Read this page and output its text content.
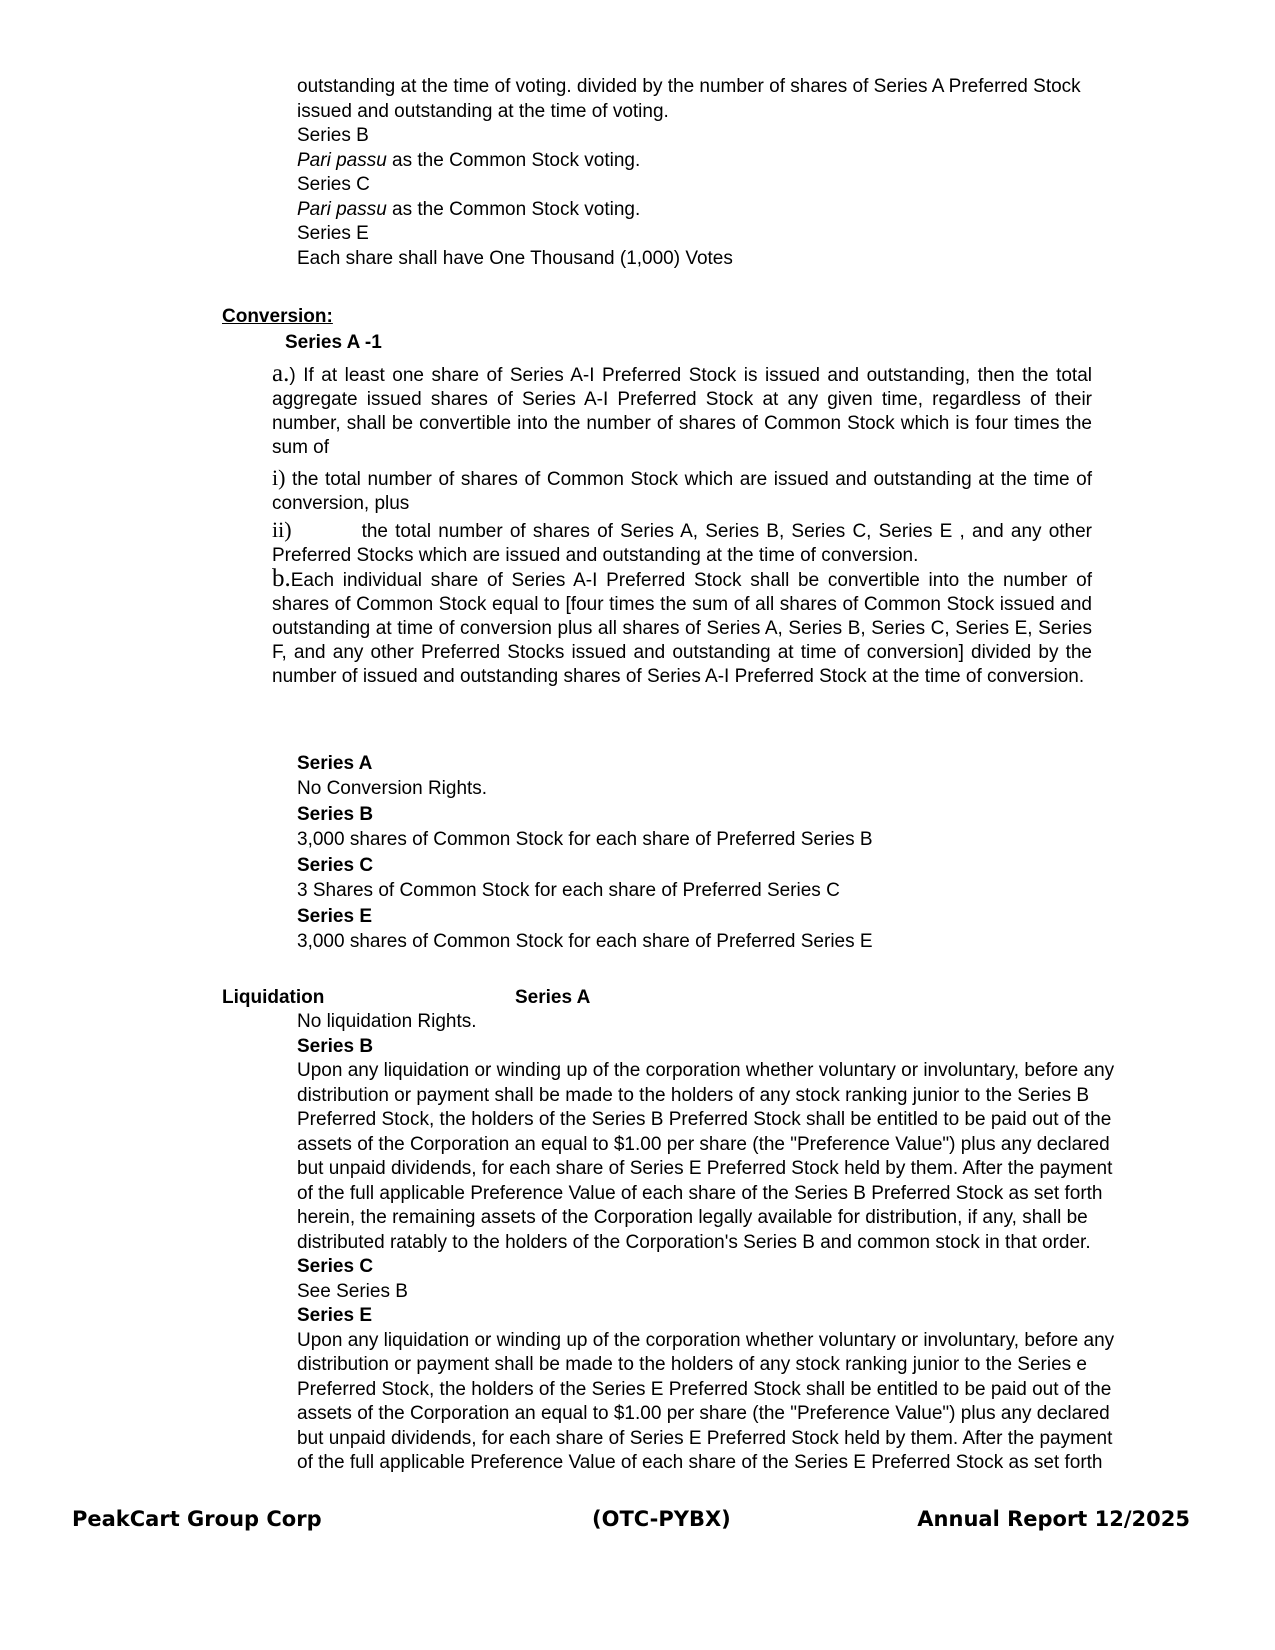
outstanding at the time of voting. divided by the number of shares of Series A Preferred Stock

issued and outstanding at the time of voting.

Series B

Pari passu as the Common Stock voting.

Series C

Pari passu as the Common Stock voting.

Series E

Each share shall have One Thousand (1,000) Votes

Conversion:
Series A -1

a.) If at least one share of Series A-I Preferred Stock is issued and outstanding, then the total aggregate issued shares of Series A-I Preferred Stock at any given time, regardless of their number, shall be convertible into the number of shares of Common Stock which is four times the sum of

i) the total number of shares of Common Stock which are issued and outstanding at the time of conversion, plus

ii)	the total number of shares of Series A, Series B, Series C, Series E , and any other Preferred Stocks which are issued and outstanding at the time of conversion.

b.Each individual share of Series A-I Preferred Stock shall be convertible into the number of shares of Common Stock equal to [four times the sum of all shares of Common Stock issued and outstanding at time of conversion plus all shares of Series A, Series B, Series C, Series E, Series F, and any other Preferred Stocks issued and outstanding at time of conversion] divided by the number of issued and outstanding shares of Series A-I Preferred Stock at the time of conversion.

Series A

No Conversion Rights.

Series B

3,000 shares of Common Stock for each share of Preferred Series B

Series C

3 Shares of Common Stock for each share of Preferred Series C

Series E

3,000 shares of Common Stock for each share of Preferred Series E

Liquidation	Series A

No liquidation Rights.

Series B

Upon any liquidation or winding up of the corporation whether voluntary or involuntary, before any

distribution or payment shall be made to the holders of any stock ranking junior to the Series B

Preferred Stock, the holders of the Series B Preferred Stock shall be entitled to be paid out of the

assets of the Corporation an equal to $1.00 per share (the "Preference Value") plus any declared

but unpaid dividends, for each share of Series E Preferred Stock held by them. After the payment

of the full applicable Preference Value of each share of the Series B Preferred Stock as set forth

herein, the remaining assets of the Corporation legally available for distribution, if any, shall be

distributed ratably to the holders of the Corporation's Series B and common stock in that order.

Series C

See Series B

Series E

Upon any liquidation or winding up of the corporation whether voluntary or involuntary, before any

distribution or payment shall be made to the holders of any stock ranking junior to the Series e

Preferred Stock, the holders of the Series E Preferred Stock shall be entitled to be paid out of the

assets of the Corporation an equal to $1.00 per share (the "Preference Value") plus any declared

but unpaid dividends, for each share of Series E Preferred Stock held by them. After the payment

of the full applicable Preference Value of each share of the Series E Preferred Stock as set forth

PeakCart Group Corp	(OTC-PYBX)	Annual Report 12/2025
